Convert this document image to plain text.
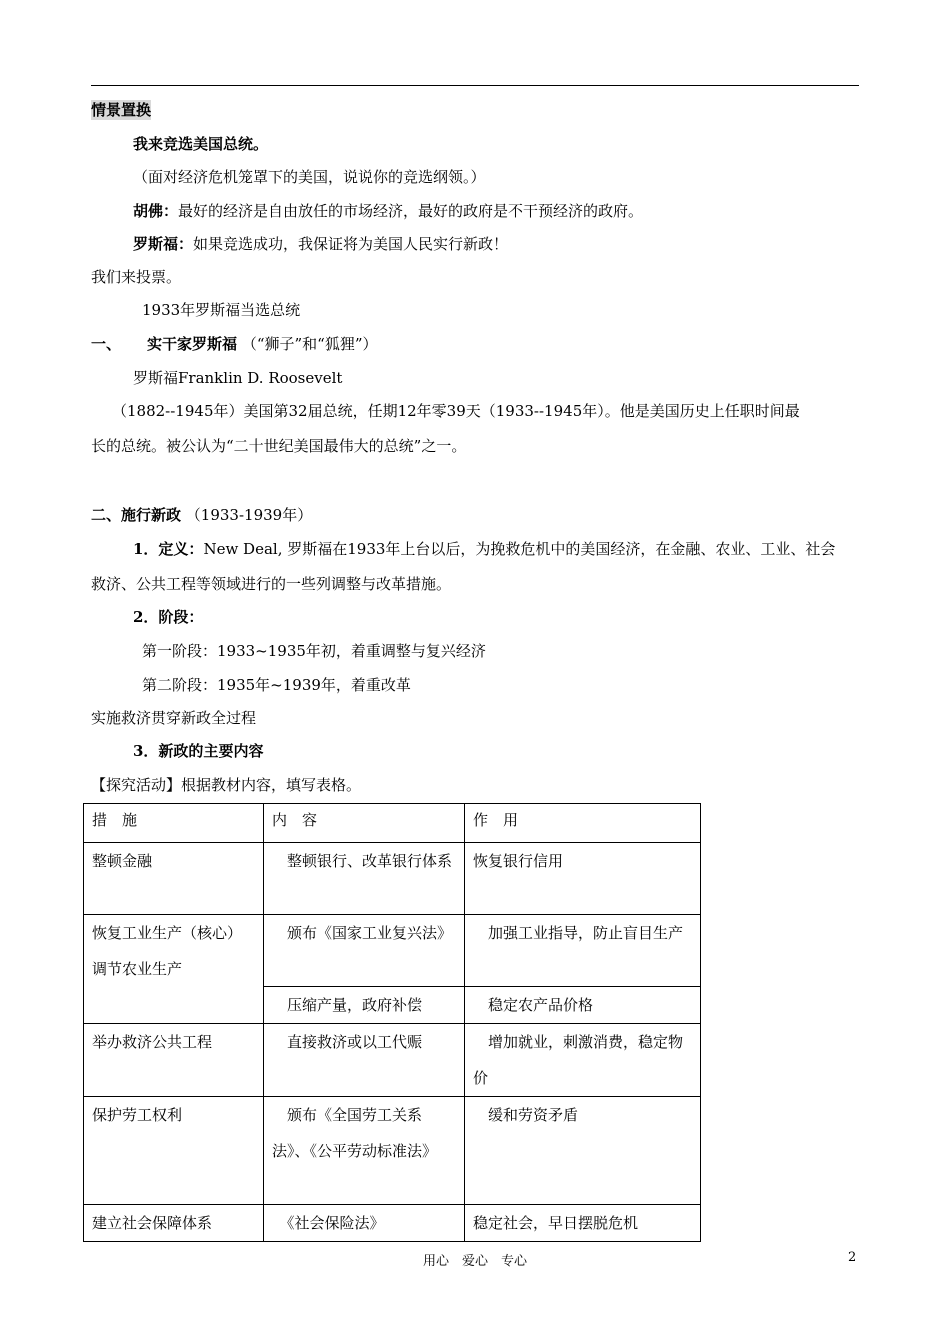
情景置换
我来竞选美国总统。
（面对经济危机笼罩下的美国，说说你的竞选纲领。）
胡佛：最好的经济是自由放任的市场经济，最好的政府是不干预经济的政府。
罗斯福：如果竞选成功，我保证将为美国人民实行新政！
我们来投票。
1933年罗斯福当选总统
一、 实干家罗斯福 （“狮子”和“狐狸”）
罗斯福Franklin D. Roosevelt
（1882--1945年）美国第32届总统，任期12年零39天（1933--1945年）。他是美国历史上任职时间最
长的总统。被公认为“二十世纪美国最伟大的总统”之一。
二、施行新政 （1933-1939年）
1．定义：New Deal, 罗斯福在1933年上台以后，为挽救危机中的美国经济，在金融、农业、工业、社会
救济、公共工程等领域进行的一些列调整与改革措施。
2．阶段：
第一阶段：1933~1935年初，着重调整与复兴经济
第二阶段：1935年~1939年，着重改革
实施救济贯穿新政全过程
3．新政的主要内容
【探究活动】根据教材内容，填写表格。
措　施	内　容	作　用
整顿金融	　整顿银行、改革银行体系	恢复银行信用
恢复工业生产（核心）调节农业生产	　颁布《国家工业复兴法》	　加强工业指导，防止盲目生产
	　压缩产量，政府补偿	　稳定农产品价格
举办救济公共工程	　直接救济或以工代赈	　增加就业，刺激消费，稳定物价
保护劳工权利	　颁布《全国劳工关系法》、《公平劳动标准法》	　缓和劳资矛盾
建立社会保障体系	　《社会保险法》	稳定社会，早日摆脱危机
用心　爱心　专心	2
